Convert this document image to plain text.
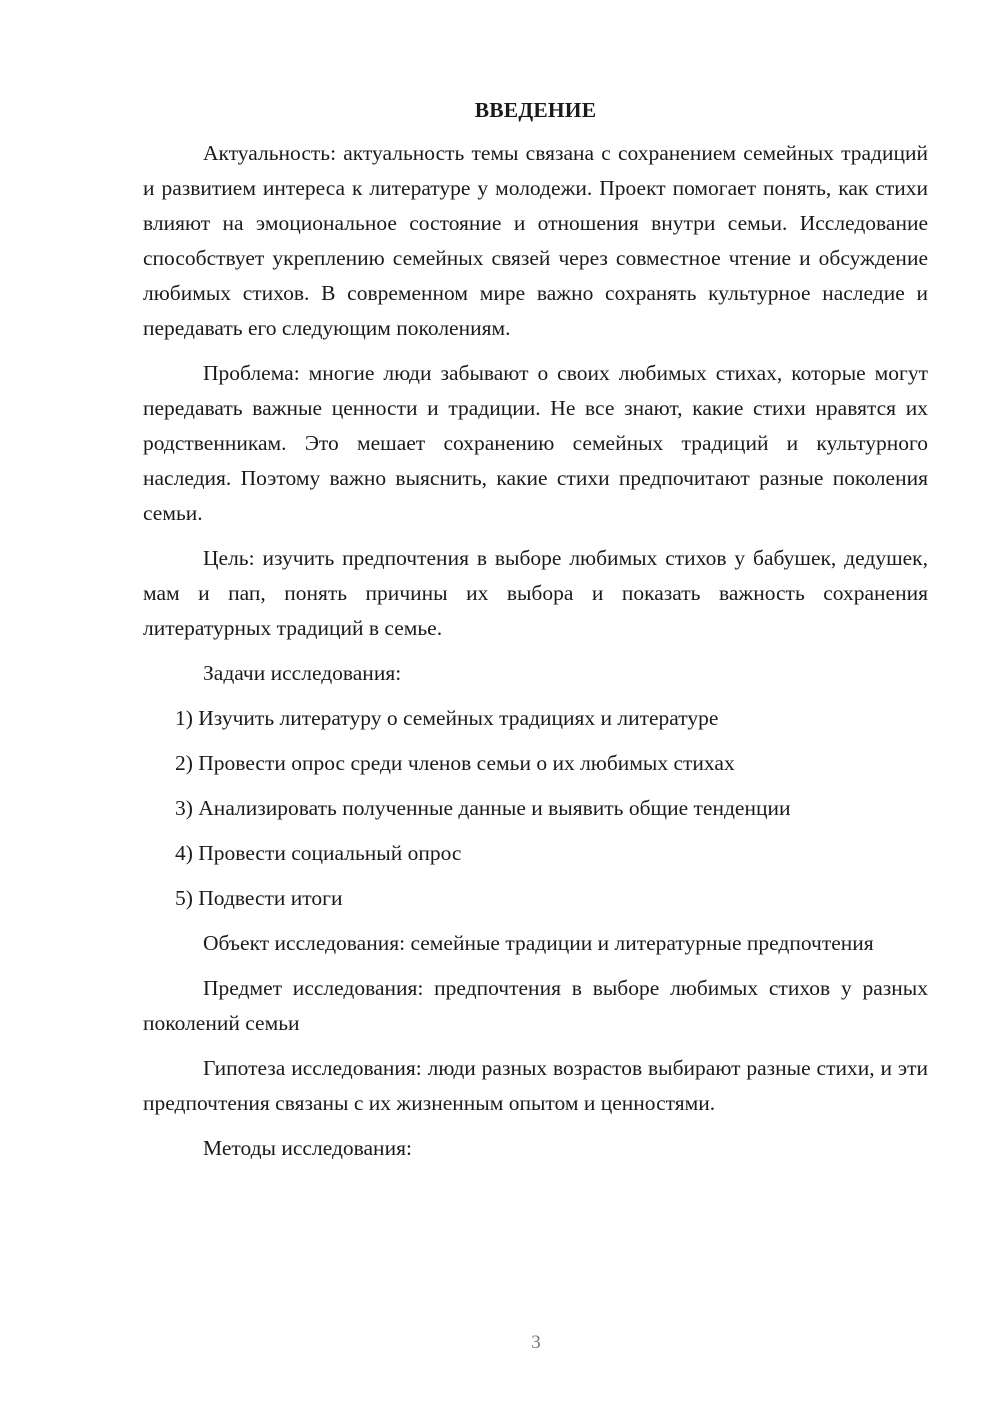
ВВЕДЕНИЕ

Актуальность: актуальность темы связана с сохранением семейных традиций и развитием интереса к литературе у молодежи. Проект помогает понять, как стихи влияют на эмоциональное состояние и отношения внутри семьи. Исследование способствует укреплению семейных связей через совместное чтение и обсуждение любимых стихов. В современном мире важно сохранять культурное наследие и передавать его следующим поколениям.

Проблема: многие люди забывают о своих любимых стихах, которые могут передавать важные ценности и традиции. Не все знают, какие стихи нравятся их родственникам. Это мешает сохранению семейных традиций и культурного наследия. Поэтому важно выяснить, какие стихи предпочитают разные поколения семьи.

Цель: изучить предпочтения в выборе любимых стихов у бабушек, дедушек, мам и пап, понять причины их выбора и показать важность сохранения литературных традиций в семье.

Задачи исследования:

1) Изучить литературу о семейных традициях и литературе
2) Провести опрос среди членов семьи о их любимых стихах
3) Анализировать полученные данные и выявить общие тенденции
4) Провести социальный опрос
5) Подвести итоги

Объект исследования: семейные традиции и литературные предпочтения

Предмет исследования: предпочтения в выборе любимых стихов у разных поколений семьи

Гипотеза исследования: люди разных возрастов выбирают разные стихи, и эти предпочтения связаны с их жизненным опытом и ценностями.

Методы исследования:

3
